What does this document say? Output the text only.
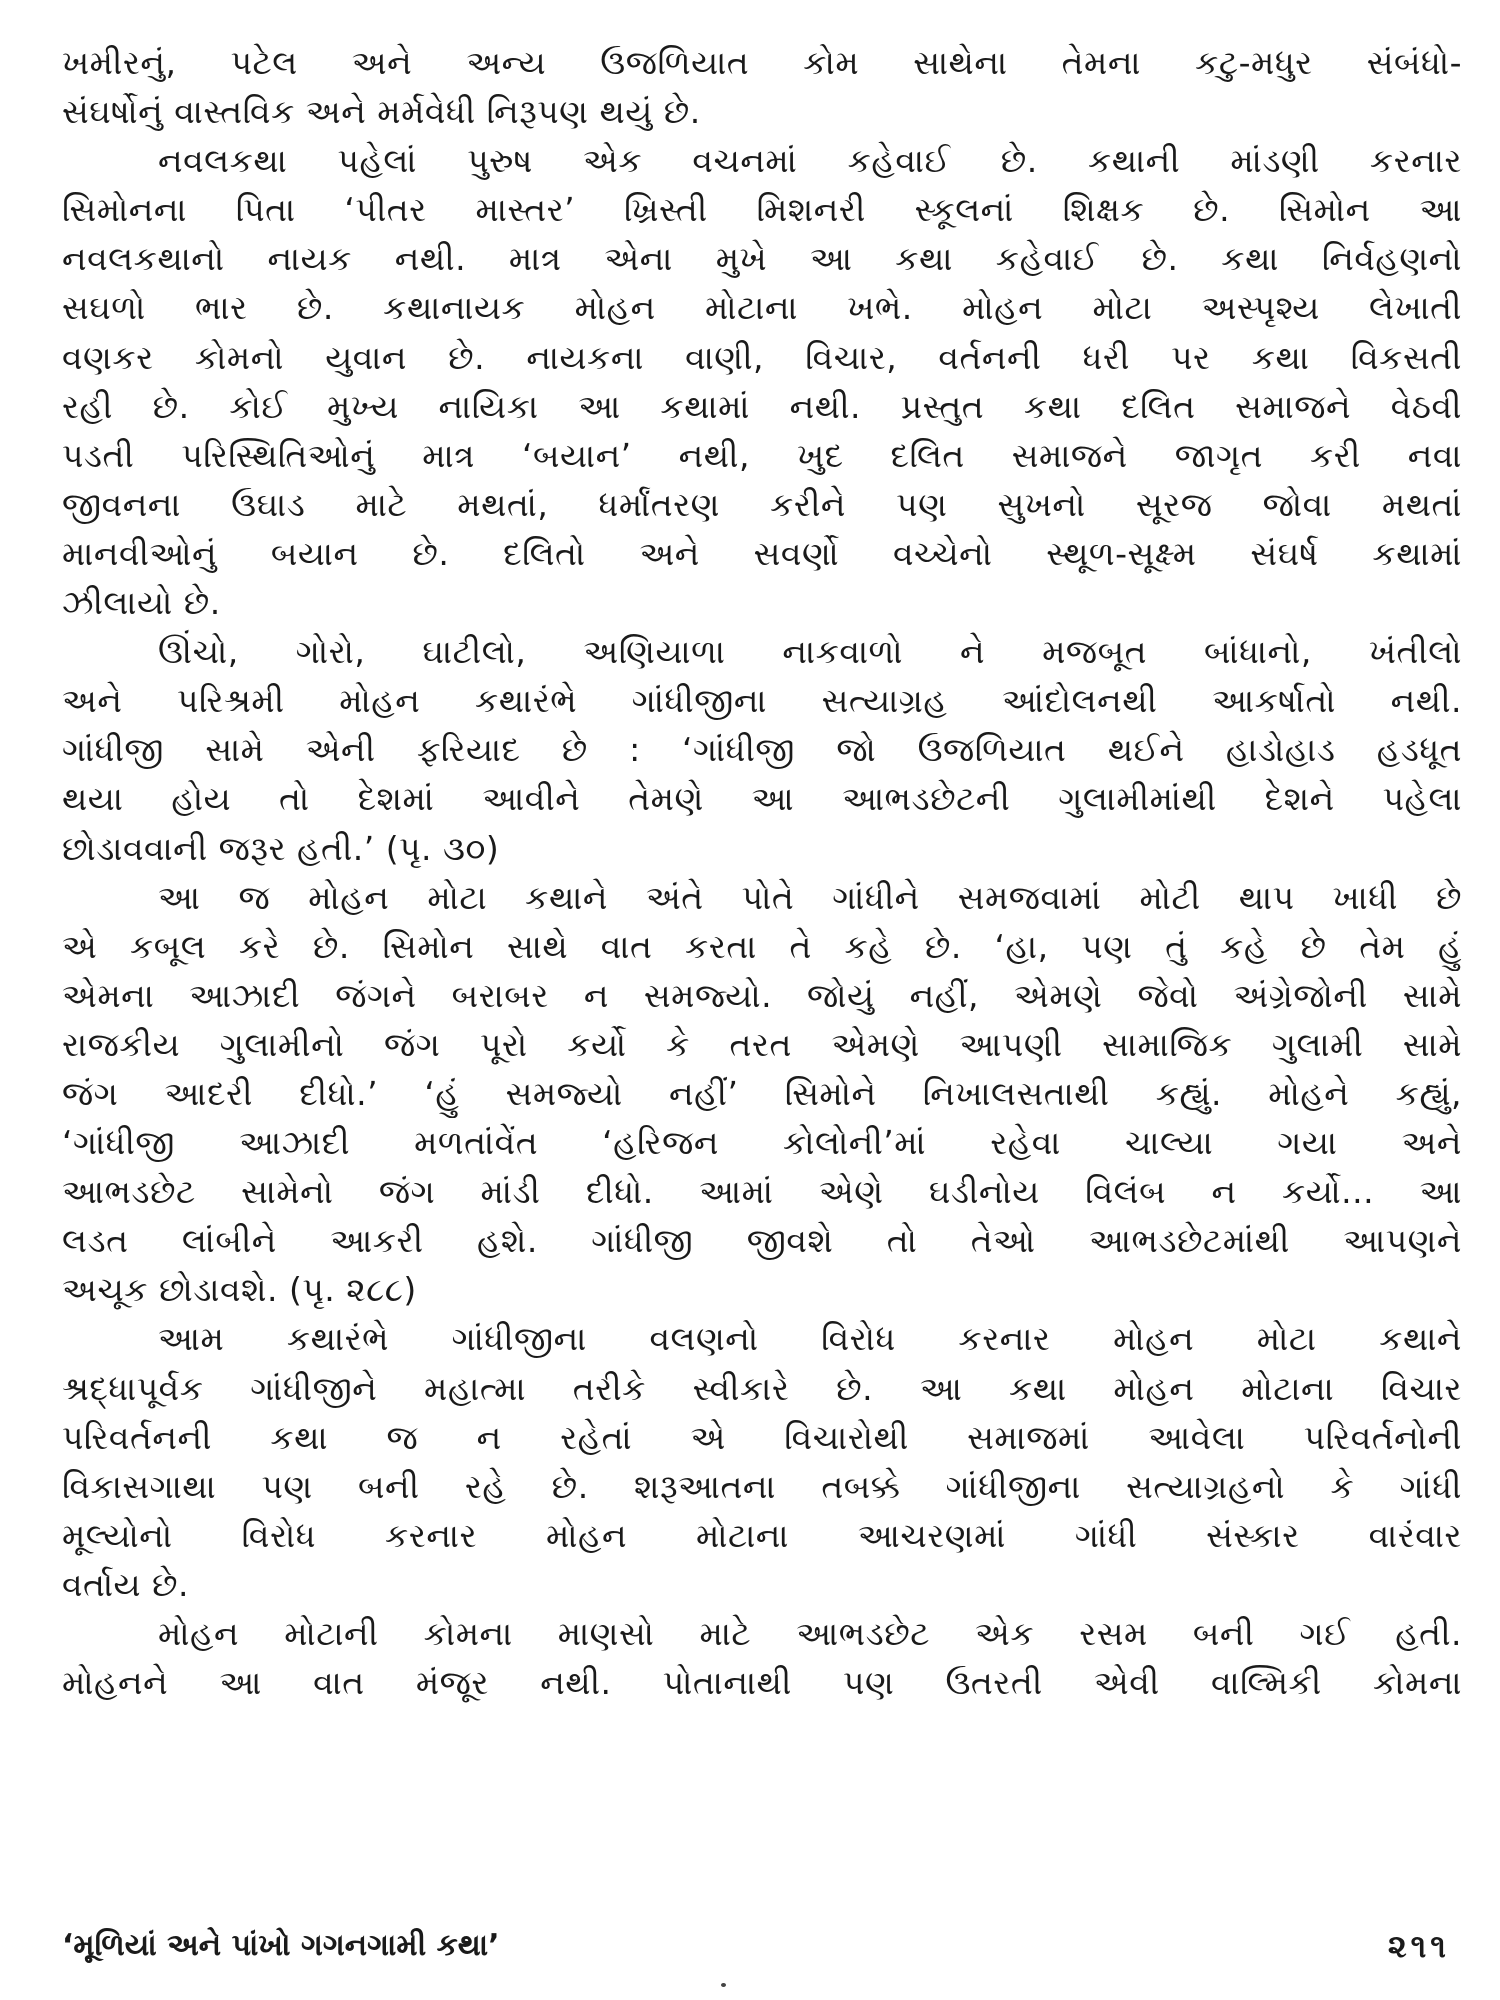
ખમીરનું, પટેલ અને અન્ય ઉજળિયાત કોમ સાથેના તેમના કટુ-મધુર સંબંધો-
સંઘર્ષોનું વાસ્તવિક અને મર્મવેધી નિરૂપણ થયું છે.
નવલકથા પહેલાં પુરુષ એક વચનમાં કહેવાઈ છે. કથાની માંડણી કરનાર
સિમોનના પિતા ‘પીતર માસ્તર’ ખ્રિસ્તી મિશનરી સ્કૂલનાં શિક્ષક છે. સિમોન આ
નવલકથાનો નાયક નથી. માત્ર એના મુખે આ કથા કહેવાઈ છે. કથા નિર્વહણનો
સઘળો ભાર છે. કથાનાયક મોહન મોટાના ખભે. મોહન મોટા અસ્પૃશ્ય લેખાતી
વણકર કોમનો યુવાન છે. નાયકના વાણી, વિચાર, વર્તનની ધરી પર કથા વિકસતી
રહી છે. કોઈ મુખ્ય નાયિકા આ કથામાં નથી. પ્રસ્તુત કથા દલિત સમાજને વેઠવી
પડતી પરિસ્થિતિઓનું માત્ર ‘બયાન’ નથી, ખુદ દલિત સમાજને જાગૃત કરી નવા
જીવનના ઉઘાડ માટે મથતાં, ધર્માંતરણ કરીને પણ સુખનો સૂરજ જોવા મથતાં
માનવીઓનું બયાન છે. દલિતો અને સવર્ણો વચ્ચેનો સ્થૂળ-સૂક્ષ્મ સંઘર્ષ કથામાં
ઝીલાયો છે.
ઊંચો, ગોરો, ઘાટીલો, અણિયાળા નાકવાળો ને મજબૂત બાંધાનો, ખંતીલો
અને પરિશ્રમી મોહન કથારંભે ગાંધીજીના સત્યાગ્રહ આંદોલનથી આકર્ષાતો નથી.
ગાંધીજી સામે એની ફરિયાદ છે : ‘ગાંધીજી જો ઉજળિયાત થઈને હાડોહાડ હડધૂત
થયા હોય તો દેશમાં આવીને તેમણે આ આભડછેટની ગુલામીમાંથી દેશને પહેલા
છોડાવવાની જરૂર હતી.’ (પૃ. ૩૦)
આ જ મોહન મોટા કથાને અંતે પોતે ગાંધીને સમજવામાં મોટી થાપ ખાધી છે
એ કબૂલ કરે છે. સિમોન સાથે વાત કરતા તે કહે છે. ‘હા, પણ તું કહે છે તેમ હું
એમના આઝાદી જંગને બરાબર ન સમજ્યો. જોયું નહીં, એમણે જેવો અંગ્રેજોની સામે
રાજકીય ગુલામીનો જંગ પૂરો કર્યો કે તરત એમણે આપણી સામાજિક ગુલામી સામે
જંગ આદરી દીધો.’ ‘હું સમજ્યો નહીં’ સિમોને નિખાલસતાથી કહ્યું. મોહને કહ્યું,
‘ગાંધીજી આઝાદી મળતાંવેંત ‘હરિજન કોલોની’માં રહેવા ચાલ્યા ગયા અને
આભડછેટ સામેનો જંગ માંડી દીધો. આમાં એણે ઘડીનોય વિલંબ ન કર્યો... આ
લડત લાંબીને આકરી હશે. ગાંધીજી જીવશે તો તેઓ આભડછેટમાંથી આપણને
અચૂક છોડાવશે. (પૃ. ૨૮૮)
આમ કથારંભે ગાંધીજીના વલણનો વિરોધ કરનાર મોહન મોટા કથાને
શ્રદ્ધાપૂર્વક ગાંધીજીને મહાત્મા તરીકે સ્વીકારે છે. આ કથા મોહન મોટાના વિચાર
પરિવર્તનની કથા જ ન રહેતાં એ વિચારોથી સમાજમાં આવેલા પરિવર્તનોની
વિકાસગાથા પણ બની રહે છે. શરૂઆતના તબક્કે ગાંધીજીના સત્યાગ્રહનો કે ગાંધી
મૂલ્યોનો વિરોધ કરનાર મોહન મોટાના આચરણમાં ગાંધી સંસ્કાર વારંવાર
વર્તાય છે.
મોહન મોટાની કોમના માણસો માટે આભડછેટ એક રસમ બની ગઈ હતી.
મોહનને આ વાત મંજૂર નથી. પોતાનાથી પણ ઉતરતી એવી વાલ્મિકી કોમના
‘મૂળિયાં અને પાંખો ગગનગામી કથા’	૨૧૧
